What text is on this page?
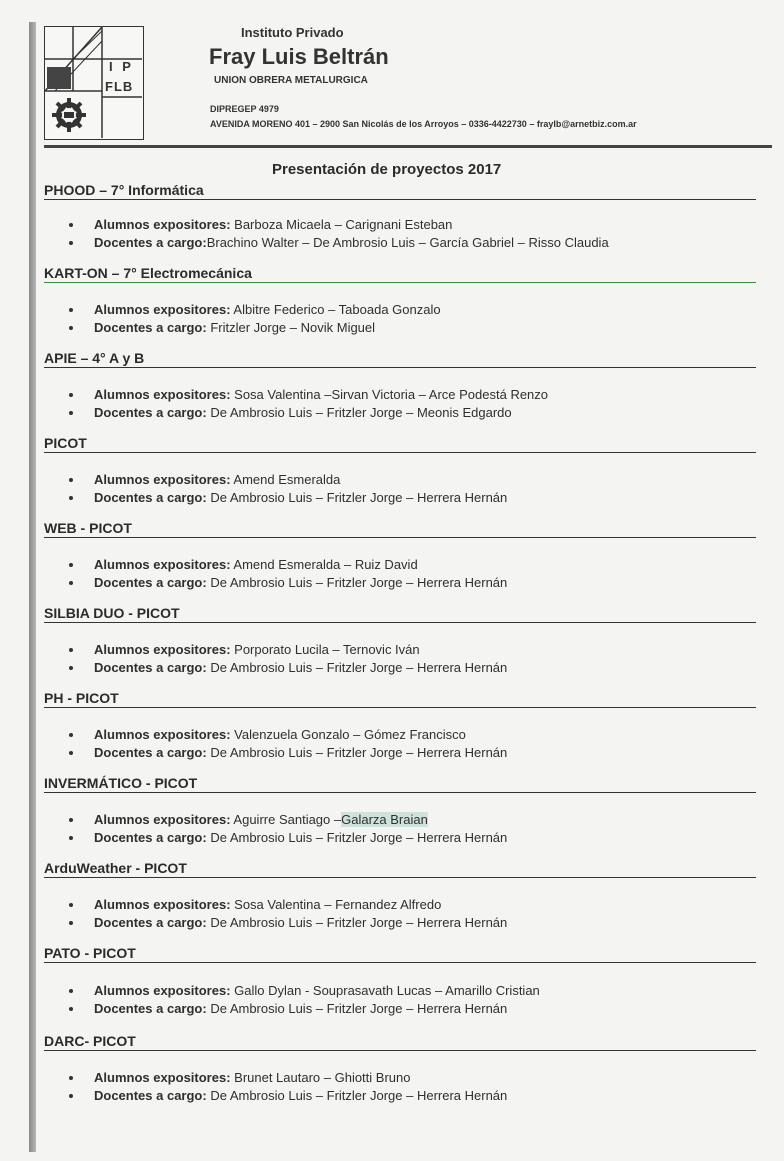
I P
FLB
Instituto Privado
Fray Luis Beltrán
UNION OBRERA METALURGICA
DIPREGEP 4979
AVENIDA MORENO 401 – 2900 San Nicolás de los Arroyos – 0336-4422730 – fraylb@arnetbiz.com.ar
Presentación de proyectos 2017
PHOOD – 7° Informática
Alumnos expositores: Barboza Micaela – Carignani Esteban
Docentes a cargo:Brachino Walter – De Ambrosio Luis – García Gabriel – Risso Claudia
KART-ON – 7° Electromecánica
Alumnos expositores: Albitre Federico – Taboada Gonzalo
Docentes a cargo: Fritzler Jorge – Novik Miguel
APIE – 4° A y B
Alumnos expositores: Sosa Valentina –Sirvan Victoria – Arce Podestá Renzo
Docentes a cargo: De Ambrosio Luis – Fritzler Jorge – Meonis Edgardo
PICOT
Alumnos expositores: Amend Esmeralda
Docentes a cargo: De Ambrosio Luis – Fritzler Jorge – Herrera Hernán
WEB - PICOT
Alumnos expositores: Amend Esmeralda – Ruiz David
Docentes a cargo: De Ambrosio Luis – Fritzler Jorge – Herrera Hernán
SILBIA DUO - PICOT
Alumnos expositores: Porporato Lucila – Ternovic Iván
Docentes a cargo: De Ambrosio Luis – Fritzler Jorge – Herrera Hernán
PH - PICOT
Alumnos expositores: Valenzuela Gonzalo – Gómez Francisco
Docentes a cargo: De Ambrosio Luis – Fritzler Jorge – Herrera Hernán
INVERMÁTICO - PICOT
Alumnos expositores: Aguirre Santiago –Galarza Braian
Docentes a cargo: De Ambrosio Luis – Fritzler Jorge – Herrera Hernán
ArduWeather - PICOT
Alumnos expositores: Sosa Valentina – Fernandez Alfredo
Docentes a cargo: De Ambrosio Luis – Fritzler Jorge – Herrera Hernán
PATO - PICOT
Alumnos expositores: Gallo Dylan - Souprasavath Lucas – Amarillo Cristian
Docentes a cargo: De Ambrosio Luis – Fritzler Jorge – Herrera Hernán
DARC- PICOT
Alumnos expositores: Brunet Lautaro – Ghiotti Bruno
Docentes a cargo: De Ambrosio Luis – Fritzler Jorge – Herrera Hernán
